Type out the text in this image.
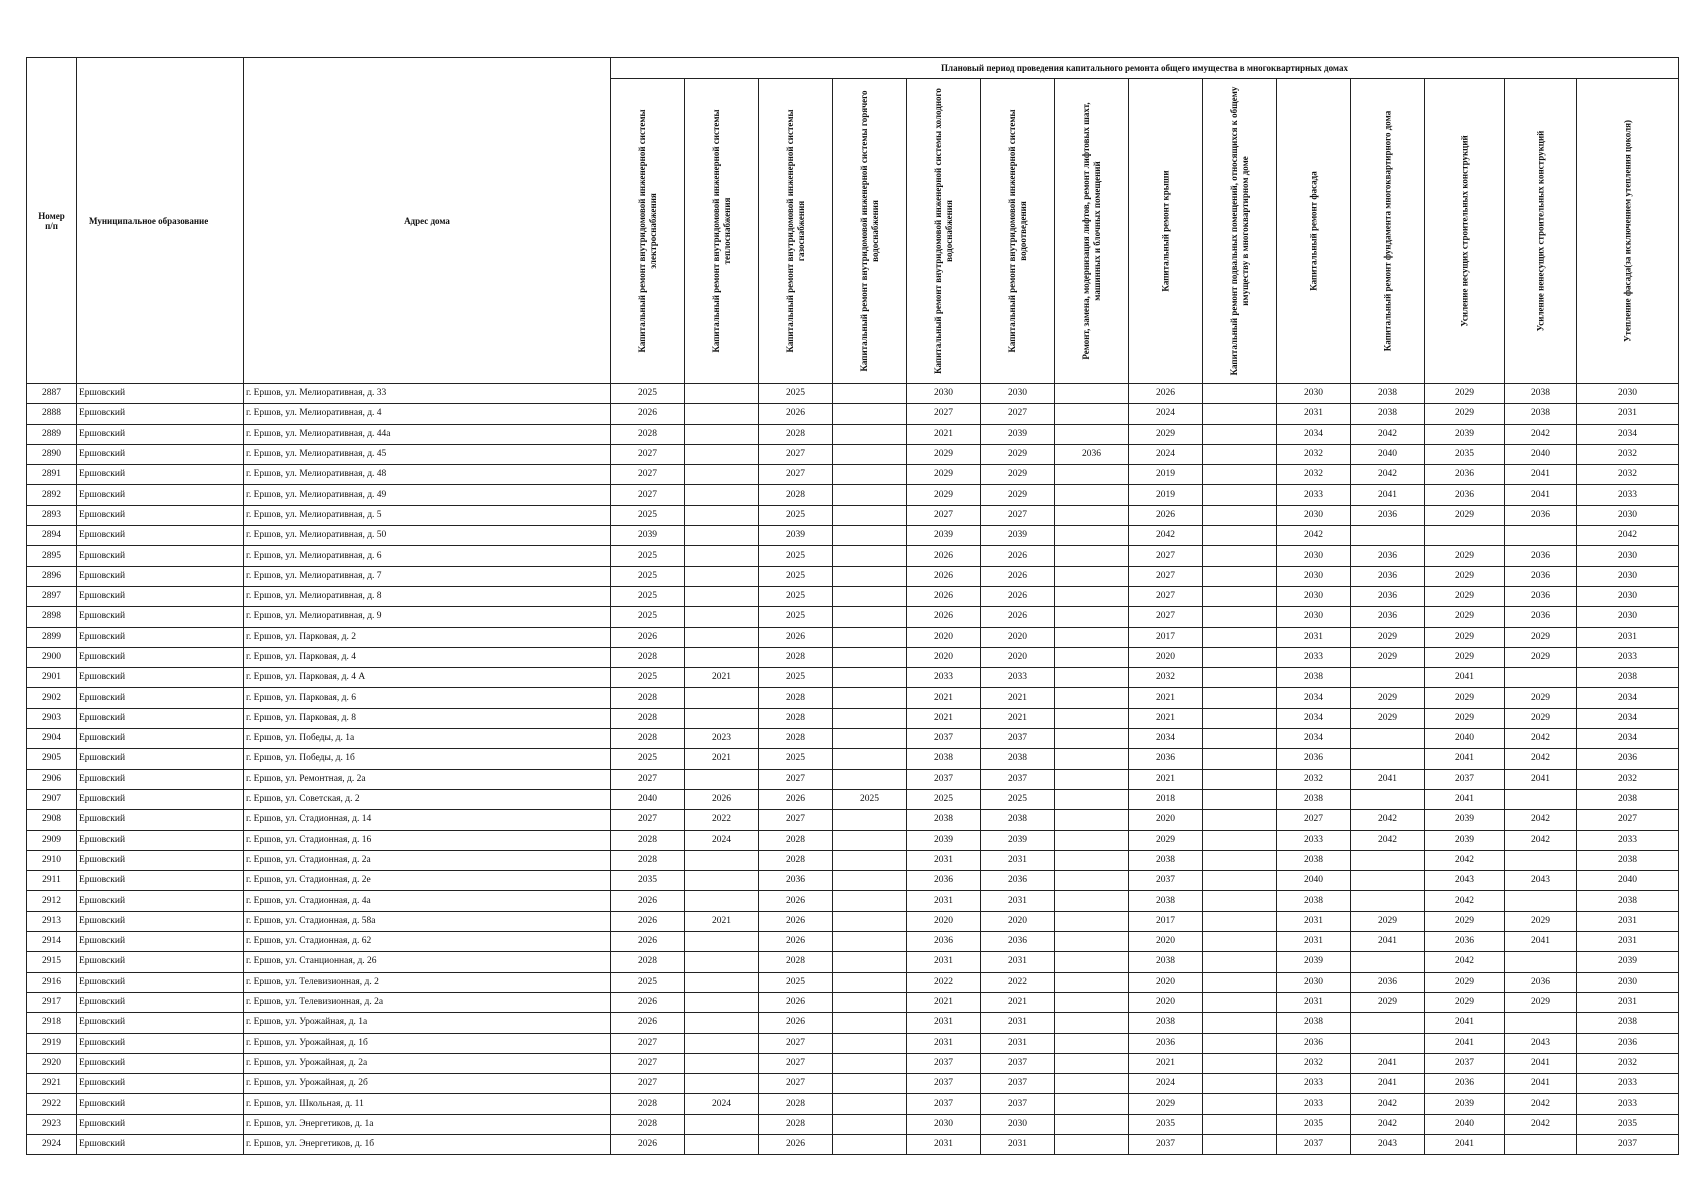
Номер п/п	Муниципальное образование	Адрес дома	Плановый период проведения капитального ремонта общего имущества в многоквартирных домах													

			Капитальный ремонт внутридомовой инженерной системы электроснабжения	Капитальный ремонт внутридомовой инженерной системы теплоснабжения	Капитальный ремонт внутридомовой инженерной системы газоснабжения	Капитальный ремонт внутридомовой инженерной системы горячего водоснабжения	Капитальный ремонт внутридомовой инженерной системы холодного водоснабжения	Капитальный ремонт внутридомовой инженерной системы водоотведения	Ремонт, замена, модернизация лифтов, ремонт лифтовых шахт, машинных и блочных помещений	Капитальный ремонт крыши	Капитальный ремонт подвальных помещений, относящихся к общему имуществу в многоквартирном доме	Капитальный ремонт фасада	Капитальный ремонт фундамента многоквартирного дома	Усиление несущих строительных конструкций	Усиление ненесущих строительных конструкций	Утепление фасада(за исключением утепления цоколя)

2887	Ершовский	г. Ершов, ул. Мелиоративная, д. 33	2025		2025		2030	2030		2026		2030	2038	2029	2038	2030
2888	Ершовский	г. Ершов, ул. Мелиоративная, д. 4	2026		2026		2027	2027		2024		2031	2038	2029	2038	2031
2889	Ершовский	г. Ершов, ул. Мелиоративная, д. 44а	2028		2028		2021	2039		2029		2034	2042	2039	2042	2034
2890	Ершовский	г. Ершов, ул. Мелиоративная, д. 45	2027		2027		2029	2029	2036	2024		2032	2040	2035	2040	2032
2891	Ершовский	г. Ершов, ул. Мелиоративная, д. 48	2027		2027		2029	2029		2019		2032	2042	2036	2041	2032
2892	Ершовский	г. Ершов, ул. Мелиоративная, д. 49	2027		2028		2029	2029		2019		2033	2041	2036	2041	2033
2893	Ершовский	г. Ершов, ул. Мелиоративная, д. 5	2025		2025		2027	2027		2026		2030	2036	2029	2036	2030
2894	Ершовский	г. Ершов, ул. Мелиоративная, д. 50	2039		2039		2039	2039		2042		2042				2042
2895	Ершовский	г. Ершов, ул. Мелиоративная, д. 6	2025		2025		2026	2026		2027		2030	2036	2029	2036	2030
2896	Ершовский	г. Ершов, ул. Мелиоративная, д. 7	2025		2025		2026	2026		2027		2030	2036	2029	2036	2030
2897	Ершовский	г. Ершов, ул. Мелиоративная, д. 8	2025		2025		2026	2026		2027		2030	2036	2029	2036	2030
2898	Ершовский	г. Ершов, ул. Мелиоративная, д. 9	2025		2025		2026	2026		2027		2030	2036	2029	2036	2030
2899	Ершовский	г. Ершов, ул. Парковая, д. 2	2026		2026		2020	2020		2017		2031	2029	2029	2029	2031
2900	Ершовский	г. Ершов, ул. Парковая, д. 4	2028		2028		2020	2020		2020		2033	2029	2029	2029	2033
2901	Ершовский	г. Ершов, ул. Парковая, д. 4 А	2025	2021	2025		2033	2033		2032		2038		2041		2038
2902	Ершовский	г. Ершов, ул. Парковая, д. 6	2028		2028		2021	2021		2021		2034	2029	2029	2029	2034
2903	Ершовский	г. Ершов, ул. Парковая, д. 8	2028		2028		2021	2021		2021		2034	2029	2029	2029	2034
2904	Ершовский	г. Ершов, ул. Победы, д. 1а	2028	2023	2028		2037	2037		2034		2034		2040	2042	2034
2905	Ершовский	г. Ершов, ул. Победы, д. 1б	2025	2021	2025		2038	2038		2036		2036		2041	2042	2036
2906	Ершовский	г. Ершов, ул. Ремонтная, д. 2а	2027		2027		2037	2037		2021		2032	2041	2037	2041	2032
2907	Ершовский	г. Ершов, ул. Советская, д. 2	2040	2026	2026	2025	2025	2025		2018		2038		2041		2038
2908	Ершовский	г. Ершов, ул. Стадионная, д. 14	2027	2022	2027		2038	2038		2020		2027	2042	2039	2042	2027
2909	Ершовский	г. Ершов, ул. Стадионная, д. 16	2028	2024	2028		2039	2039		2029		2033	2042	2039	2042	2033
2910	Ершовский	г. Ершов, ул. Стадионная, д. 2а	2028		2028		2031	2031		2038		2038		2042		2038
2911	Ершовский	г. Ершов, ул. Стадионная, д. 2е	2035		2036		2036	2036		2037		2040		2043	2043	2040
2912	Ершовский	г. Ершов, ул. Стадионная, д. 4а	2026		2026		2031	2031		2038		2038		2042		2038
2913	Ершовский	г. Ершов, ул. Стадионная, д. 58а	2026	2021	2026		2020	2020		2017		2031	2029	2029	2029	2031
2914	Ершовский	г. Ершов, ул. Стадионная, д. 62	2026		2026		2036	2036		2020		2031	2041	2036	2041	2031
2915	Ершовский	г. Ершов, ул. Станционная, д. 26	2028		2028		2031	2031		2038		2039		2042		2039
2916	Ершовский	г. Ершов, ул. Телевизионная, д. 2	2025		2025		2022	2022		2020		2030	2036	2029	2036	2030
2917	Ершовский	г. Ершов, ул. Телевизионная, д. 2а	2026		2026		2021	2021		2020		2031	2029	2029	2029	2031
2918	Ершовский	г. Ершов, ул. Урожайная, д. 1а	2026		2026		2031	2031		2038		2038		2041		2038
2919	Ершовский	г. Ершов, ул. Урожайная, д. 1б	2027		2027		2031	2031		2036		2036		2041	2043	2036
2920	Ершовский	г. Ершов, ул. Урожайная, д. 2а	2027		2027		2037	2037		2021		2032	2041	2037	2041	2032
2921	Ершовский	г. Ершов, ул. Урожайная, д. 2б	2027		2027		2037	2037		2024		2033	2041	2036	2041	2033
2922	Ершовский	г. Ершов, ул. Школьная, д. 11	2028	2024	2028		2037	2037		2029		2033	2042	2039	2042	2033
2923	Ершовский	г. Ершов, ул. Энергетиков, д. 1а	2028		2028		2030	2030		2035		2035	2042	2040	2042	2035
2924	Ершовский	г. Ершов, ул. Энергетиков, д. 1б	2026		2026		2031	2031		2037		2037	2043	2041		2037
